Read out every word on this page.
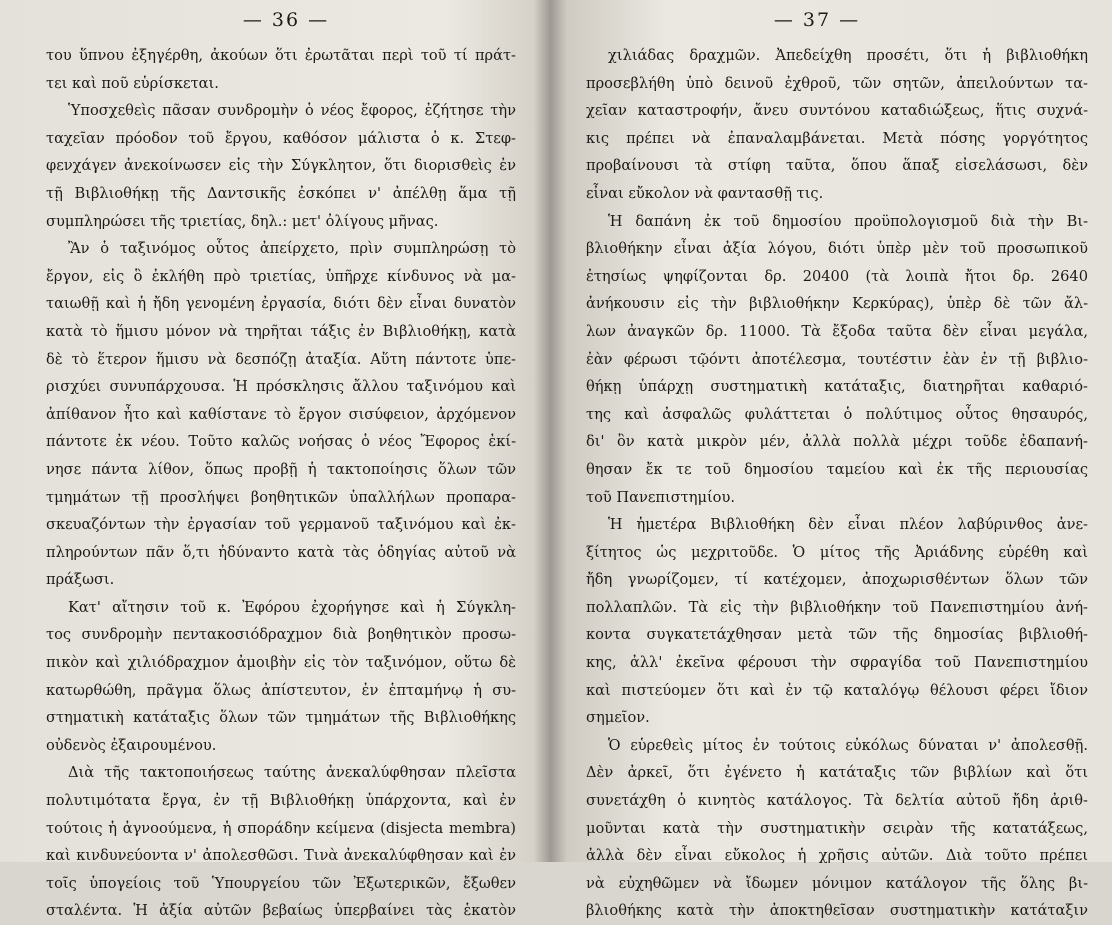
— 36 —
του ὕπνου ἐξηγέρθη, ἀκούων ὅτι ἐρωτᾶται περὶ τοῦ τί πράτ-
τει καὶ ποῦ εὑρίσκεται.
Ὑποσχεθεὶς πᾶσαν συνδρομὴν ὁ νέος ἔφορος, ἐζήτησε τὴν
ταχεῖαν πρόοδον τοῦ ἔργου, καθόσον μάλιστα ὁ κ. Στεφ-
φενχάγεν ἀνεκοίνωσεν εἰς τὴν Σύγκλητον, ὅτι διορισθεὶς ἐν
τῇ Βιβλιοθήκῃ τῆς Δαντσικῆς ἐσκόπει ν' ἀπέλθῃ ἅμα τῇ
συμπληρώσει τῆς τριετίας, δηλ.: μετ' ὀλίγους μῆνας.
Ἂν ὁ ταξινόμος οὗτος ἀπείρχετο, πρὶν συμπληρώσῃ τὸ
ἔργον, εἰς ὃ ἐκλήθη πρὸ τριετίας, ὑπῆρχε κίνδυνος νὰ μα-
ταιωθῇ καὶ ἡ ἤδη γενομένη ἐργασία, διότι δὲν εἶναι δυνατὸν
κατὰ τὸ ἥμισυ μόνον νὰ τηρῆται τάξις ἐν Βιβλιοθήκῃ, κατὰ
δὲ τὸ ἕτερον ἥμισυ νὰ δεσπόζῃ ἀταξία. Αὕτη πάντοτε ὑπε-
ρισχύει συνυπάρχουσα. Ἡ πρόσκλησις ἄλλου ταξινόμου καὶ
ἀπίθανον ἦτο καὶ καθίστανε τὸ ἔργον σισύφειον, ἀρχόμενον
πάντοτε ἐκ νέου. Τοῦτο καλῶς νοήσας ὁ νέος Ἔφορος ἐκί-
νησε πάντα λίθον, ὅπως προβῇ ἡ τακτοποίησις ὅλων τῶν
τμημάτων τῇ προσλήψει βοηθητικῶν ὑπαλλήλων προπαρα-
σκευαζόντων τὴν ἐργασίαν τοῦ γερμανοῦ ταξινόμου καὶ ἐκ-
πληρούντων πᾶν ὅ,τι ἠδύναντο κατὰ τὰς ὁδηγίας αὐτοῦ νὰ
πράξωσι.
Κατ' αἴτησιν τοῦ κ. Ἐφόρου ἐχορήγησε καὶ ἡ Σύγκλη-
τος συνδρομὴν πεντακοσιόδραχμον διὰ βοηθητικὸν προσω-
πικὸν καὶ χιλιόδραχμον ἀμοιβὴν εἰς τὸν ταξινόμον, οὕτω δὲ
κατωρθώθη, πρᾶγμα ὅλως ἀπίστευτον, ἐν ἑπταμήνῳ ἡ συ-
στηματικὴ κατάταξις ὅλων τῶν τμημάτων τῆς Βιβλιοθήκης
οὐδενὸς ἐξαιρουμένου.
Διὰ τῆς τακτοποιήσεως ταύτης ἀνεκαλύφθησαν πλεῖστα
πολυτιμότατα ἔργα, ἐν τῇ Βιβλιοθήκῃ ὑπάρχοντα, καὶ ἐν
τούτοις ἡ ἀγνοούμενα, ἡ σποράδην κείμενα (disjecta membra)
καὶ κινδυνεύοντα ν' ἀπολεσθῶσι. Τινὰ ἀνεκαλύφθησαν καὶ ἐν
τοῖς ὑπογείοις τοῦ Ὑπουργείου τῶν Ἐξωτερικῶν, ἔξωθεν
σταλέντα. Ἡ ἀξία αὐτῶν βεβαίως ὑπερβαίνει τὰς ἑκατὸν
— 37 —
χιλιάδας δραχμῶν. Ἀπεδείχθη προσέτι, ὅτι ἡ βιβλιοθήκη
προσεβλήθη ὑπὸ δεινοῦ ἐχθροῦ, τῶν σητῶν, ἀπειλούντων τα-
χεῖαν καταστροφήν, ἄνευ συντόνου καταδιώξεως, ἥτις συχνά-
κις πρέπει νὰ ἐπαναλαμβάνεται. Μετὰ πόσης γοργότητος
προβαίνουσι τὰ στίφη ταῦτα, ὅπου ἅπαξ εἰσελάσωσι, δὲν
εἶναι εὔκολον νὰ φαντασθῇ τις.
Ἡ δαπάνη ἐκ τοῦ δημοσίου προϋπολογισμοῦ διὰ τὴν Βι-
βλιοθήκην εἶναι ἀξία λόγου, διότι ὑπὲρ μὲν τοῦ προσωπικοῦ
ἐτησίως ψηφίζονται δρ. 20400 (τὰ λοιπὰ ἤτοι δρ. 2640
ἀνήκουσιν εἰς τὴν βιβλιοθήκην Κερκύρας), ὑπὲρ δὲ τῶν ἄλ-
λων ἀναγκῶν δρ. 11000. Τὰ ἔξοδα ταῦτα δὲν εἶναι μεγάλα,
ἐὰν φέρωσι τῷόντι ἀποτέλεσμα, τουτέστιν ἐὰν ἐν τῇ βιβλιο-
θήκῃ ὑπάρχῃ συστηματικὴ κατάταξις, διατηρῆται καθαριό-
της καὶ ἀσφαλῶς φυλάττεται ὁ πολύτιμος οὗτος θησαυρός,
δι' ὃν κατὰ μικρὸν μέν, ἀλλὰ πολλὰ μέχρι τοῦδε ἐδαπανή-
θησαν ἔκ τε τοῦ δημοσίου ταμείου καὶ ἐκ τῆς περιουσίας
τοῦ Πανεπιστημίου.
Ἡ ἡμετέρα Βιβλιοθήκη δὲν εἶναι πλέον λαβύρινθος ἀνε-
ξίτητος ὡς μεχριτοῦδε. Ὁ μίτος τῆς Ἀριάδνης εὑρέθη καὶ
ἤδη γνωρίζομεν, τί κατέχομεν, ἀποχωρισθέντων ὅλων τῶν
πολλαπλῶν. Τὰ εἰς τὴν βιβλιοθήκην τοῦ Πανεπιστημίου ἀνή-
κοντα συγκατετάχθησαν μετὰ τῶν τῆς δημοσίας βιβλιοθή-
κης, ἀλλ' ἐκεῖνα φέρουσι τὴν σφραγίδα τοῦ Πανεπιστημίου
καὶ πιστεύομεν ὅτι καὶ ἐν τῷ καταλόγῳ θέλουσι φέρει ἴδιον
σημεῖον.
Ὁ εὑρεθεὶς μίτος ἐν τούτοις εὐκόλως δύναται ν' ἀπολεσθῇ.
Δὲν ἀρκεῖ, ὅτι ἐγένετο ἡ κατάταξις τῶν βιβλίων καὶ ὅτι
συνετάχθη ὁ κινητὸς κατάλογος. Τὰ δελτία αὐτοῦ ἤδη ἀριθ-
μοῦνται κατὰ τὴν συστηματικὴν σειρὰν τῆς κατατάξεως,
ἀλλὰ δὲν εἶναι εὔκολος ἡ χρῆσις αὐτῶν. Διὰ τοῦτο πρέπει
νὰ εὐχηθῶμεν νὰ ἴδωμεν μόνιμον κατάλογον τῆς ὅλης βι-
βλιοθήκης κατὰ τὴν ἀποκτηθεῖσαν συστηματικὴν κατάταξιν
